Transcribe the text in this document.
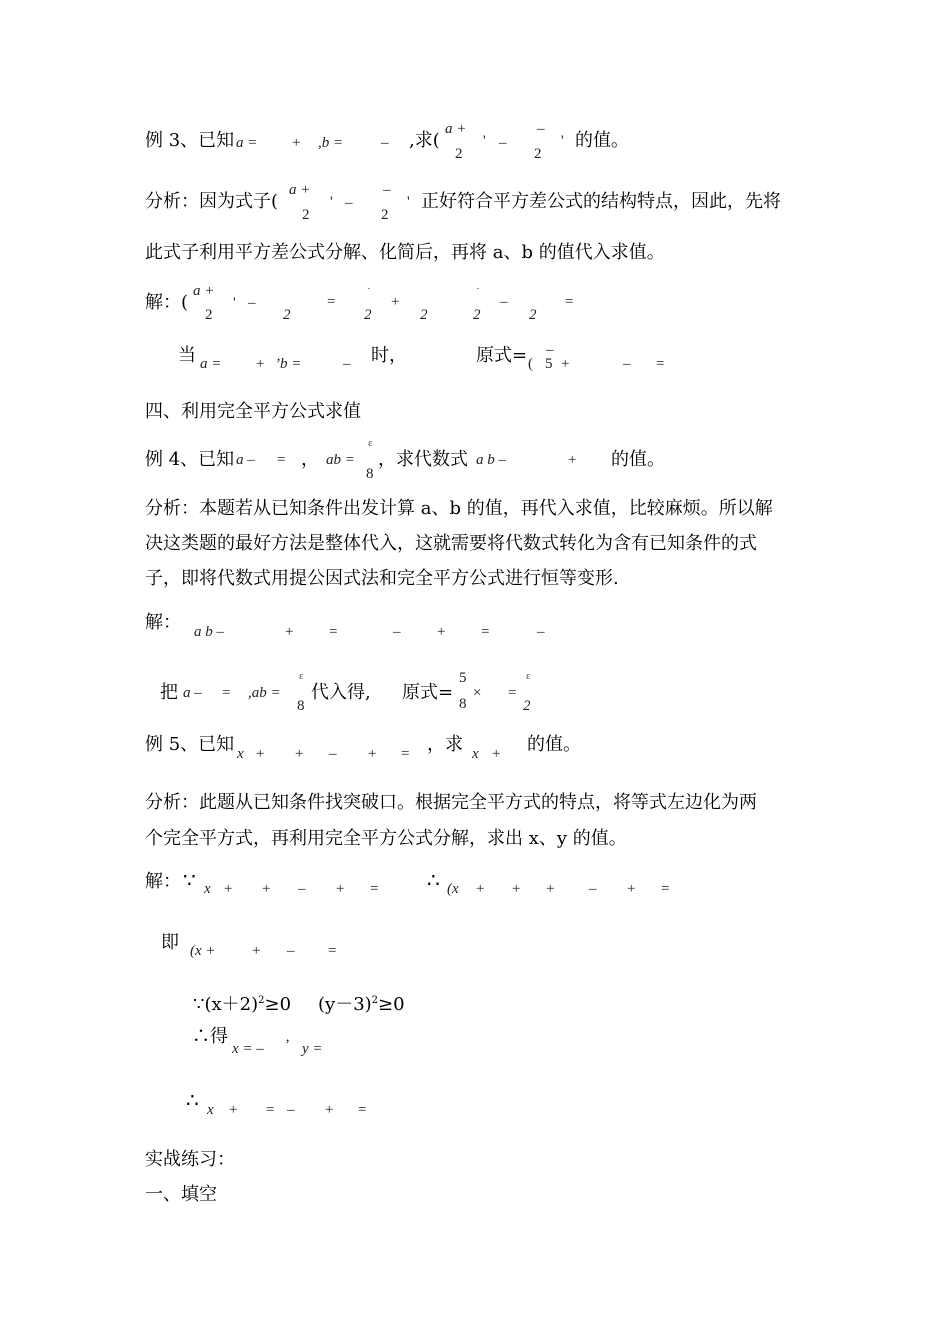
例 3、已知 a = + ,b =	– ,求(
a +
2
' –
–
2
' 的值。
分析：因为式子(
a +
2
' –
–
2
' 正好符合平方差公式的结构特点，因此，先将
此式子利用平方差公式分解、化简后，再将 a、b 的值代入求值。
解：(
a +
2
' –
2
=
·
2
+
2
·
2
–
2
=
当 a = + ’b =	– 时，	原式= (
–
5 +	– =
四、利用完全平方公式求值
例 4、已知 a – = ， ab =
ε
8
，求代数式 a b –	+ 的值。
分析：本题若从已知条件出发计算 a、b 的值，再代入求值，比较麻烦。所以解
决这类题的最好方法是整体代入，这就需要将代数式转化为含有已知条件的式
子，即将代数式用提公因式法和完全平方公式进行恒等变形.
解： a b –	+ =	– + =	–
把 a – = ,ab =
ε
8
代入得, 原式=
5
8
× =
ε
2
例 5、已知 x + + – + = ，求 x + 的值。
分析：此题从已知条件找突破口。根据完全平方式的特点，将等式左边化为两
个完全平方式，再利用完全平方公式分解，求出 x、y 的值。
解： ∵ x + + – + = ∴ (x + + + – + =
即 (x + + – =
$\because(x+2)^2\ge 0$ $(y-3)^2\ge 0$
∴得
x = – ’ y =
∴ x + = – + =
实战练习：
一、填空
